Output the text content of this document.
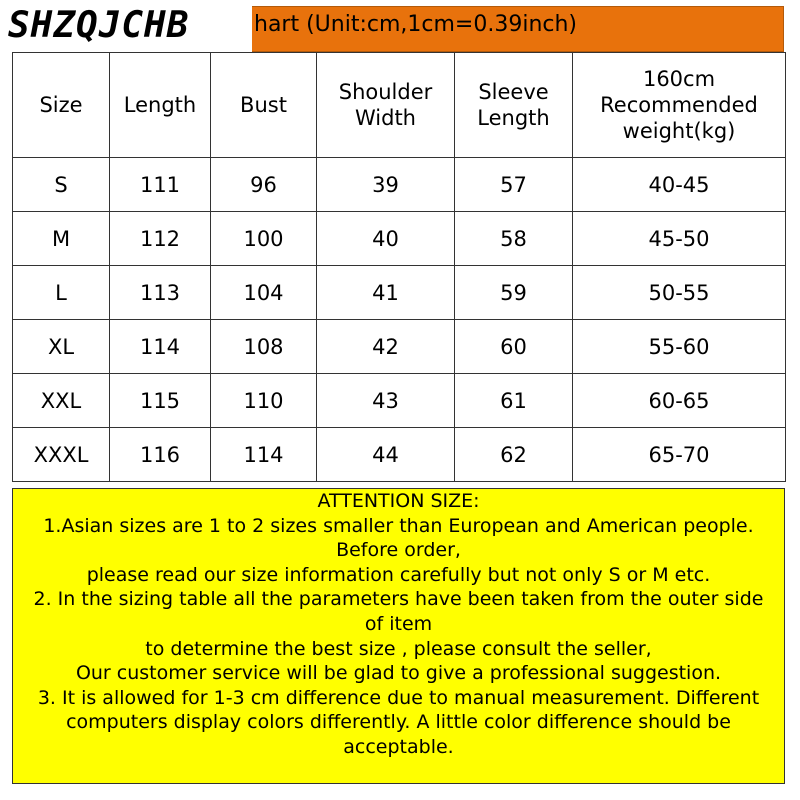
hart (Unit:cm,1cm=0.39inch)
SHZQJCHB
Size	Length	Bust	Shoulder Width	Sleeve Length	160cm Recommended weight(kg)
S	111	96	39	57	40-45
M	112	100	40	58	45-50
L	113	104	41	59	50-55
XL	114	108	42	60	55-60
XXL	115	110	43	61	60-65
XXXL	116	114	44	62	65-70
ATTENTION SIZE:
1.Asian sizes are 1 to 2 sizes smaller than European and American people.
Before order,
please read our size information carefully but not only S or M etc.
2. In the sizing table all the parameters have been taken from the outer side
of item
to determine the best size , please consult the seller,
Our customer service will be glad to give a professional suggestion.
3. It is allowed for 1-3 cm difference due to manual measurement. Different
computers display colors differently. A little color difference should be
acceptable.
